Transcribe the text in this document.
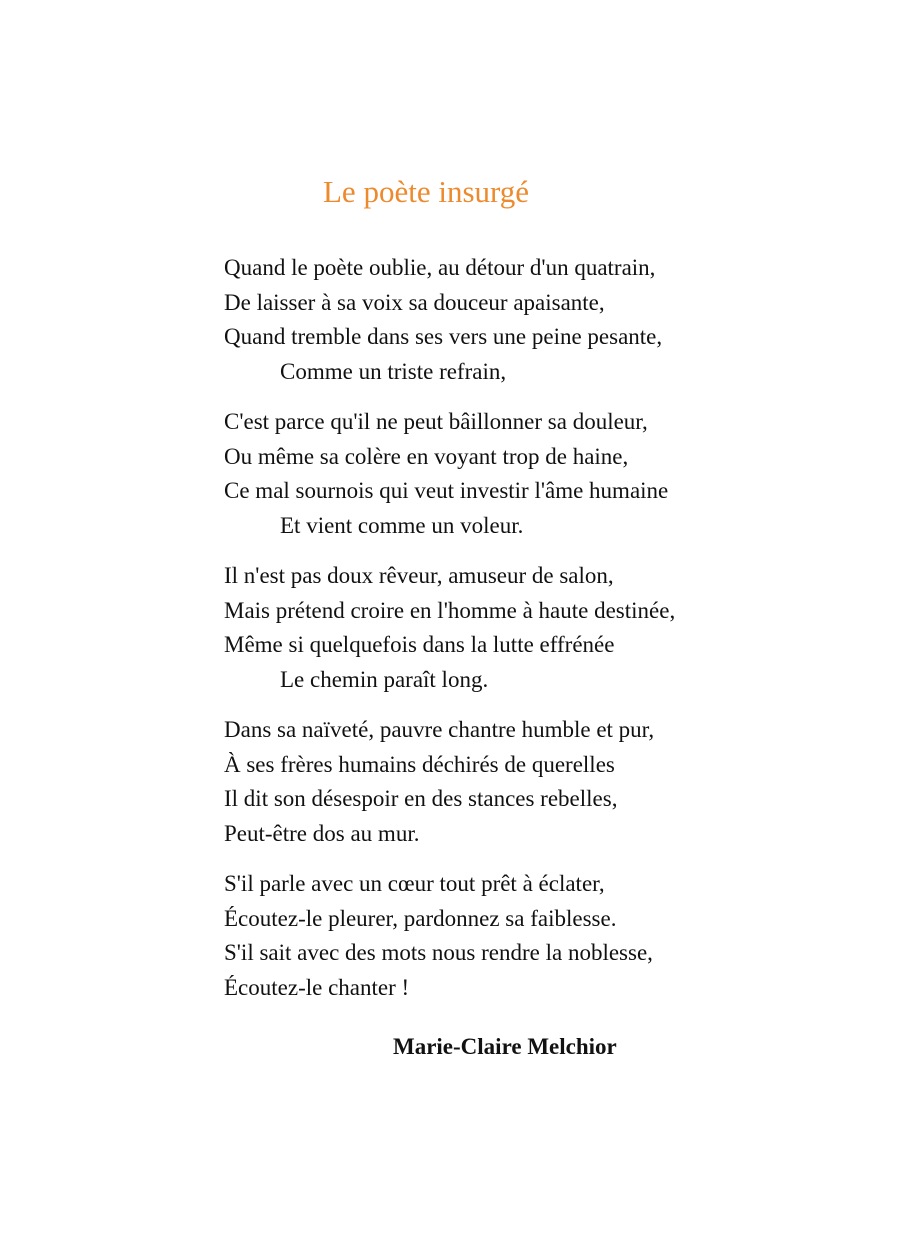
Le poète insurgé
Quand le poète oublie, au détour d'un quatrain,
De laisser à sa voix sa douceur apaisante,
Quand tremble dans ses vers une peine pesante,
Comme un triste refrain,
C'est parce qu'il ne peut bâillonner sa douleur,
Ou même sa colère en voyant trop de haine,
Ce mal sournois qui veut investir l'âme humaine
Et vient comme un voleur.
Il n'est pas doux rêveur, amuseur de salon,
Mais prétend croire en l'homme à haute destinée,
Même si quelquefois dans la lutte effrénée
Le chemin paraît long.
Dans sa naïveté, pauvre chantre humble et pur,
À ses frères humains déchirés de querelles
Il dit son désespoir en des stances rebelles,
Peut-être dos au mur.
S'il parle avec un cœur tout prêt à éclater,
Écoutez-le pleurer, pardonnez sa faiblesse.
S'il sait avec des mots nous rendre la noblesse,
Écoutez-le chanter !
Marie-Claire Melchior
